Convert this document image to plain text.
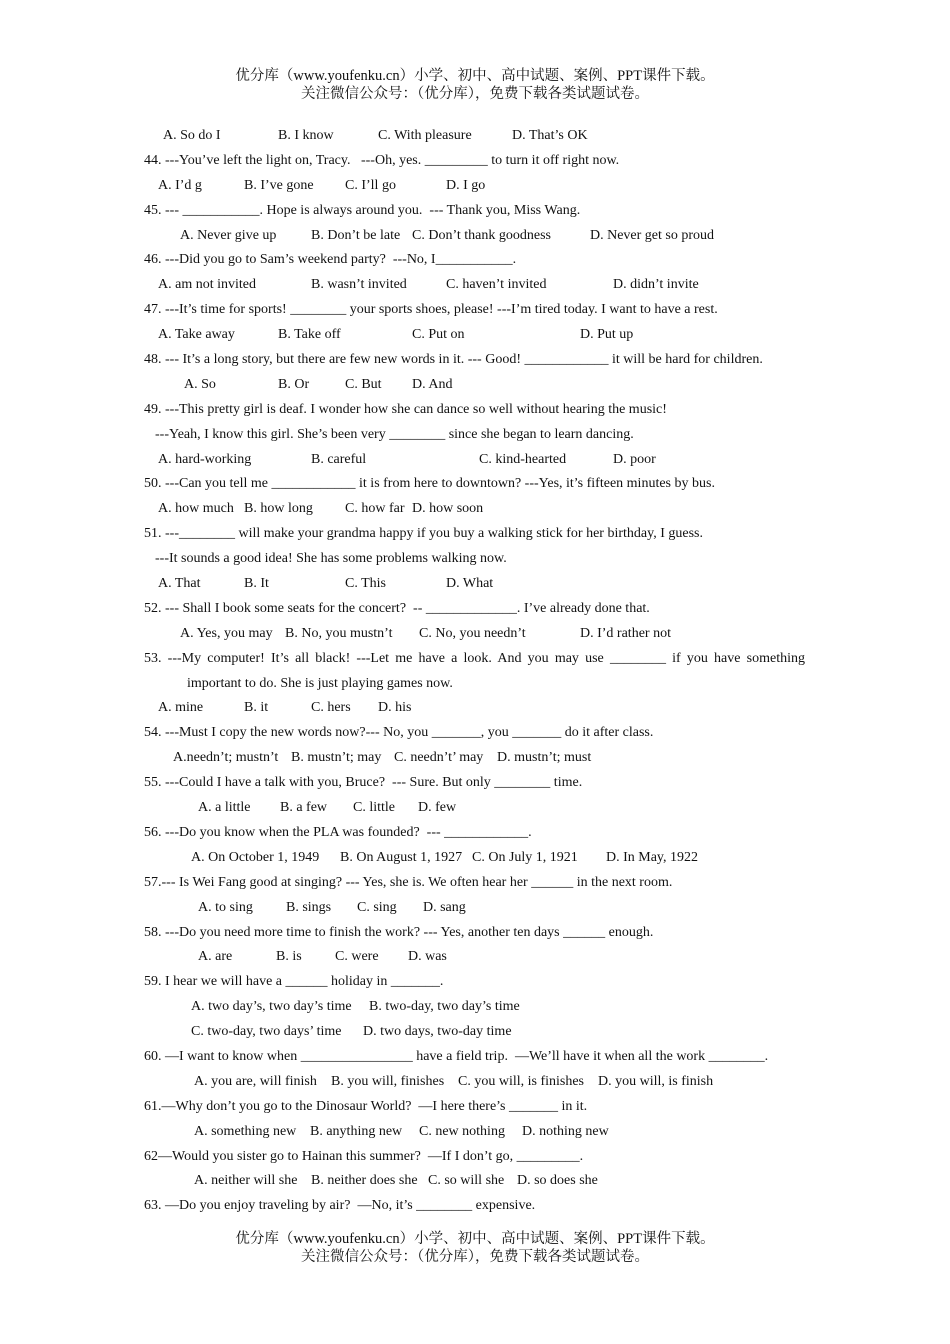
优分库（www.youfenku.cn）小学、初中、高中试题、案例、PPT课件下载。
关注微信公众号：（优分库），免费下载各类试题试卷。
A. So do I	B. I know	C. With pleasure	D. That’s OK
44. ---You’ve left the light on, Tracy.   ---Oh, yes. _________ to turn it off right now.
A. I’d g	B. I’ve gone C. I’ll go	D. I go
45. --- ___________. Hope is always around you.  --- Thank you, Miss Wang.
A. Never give up B. Don’t be late C. Don’t thank goodness	D. Never get so proud
46. ---Did you go to Sam’s weekend party?  ---No, I___________.
A. am not invited	B. wasn’t invited	C. haven’t invited	D. didn’t invite
47. ---It’s time for sports! ________ your sports shoes, please! ---I’m tired today. I want to have a rest.
A. Take away	B. Take off	C. Put on	D. Put up
48. --- It’s a long story, but there are few new words in it. --- Good! ____________ it will be hard for children.
A. So	B. Or	C. But D. And
49. ---This pretty girl is deaf. I wonder how she can dance so well without hearing the music!
---Yeah, I know this girl. She’s been very ________ since she began to learn dancing.
A. hard-working	B. careful	C. kind-hearted	D. poor
50. ---Can you tell me ____________ it is from here to downtown? ---Yes, it’s fifteen minutes by bus.
A. how much B. how long C. how far D. how soon
51. ---________ will make your grandma happy if you buy a walking stick for her birthday, I guess.
---It sounds a good idea! She has some problems walking now.
A. That	B. It	C. This	D. What
52. --- Shall I book some seats for the concert?  -- _____________. I’ve already done that.
A. Yes, you may B. No, you mustn’t C. No, you needn’t	D. I’d rather not
53. ---My computer! It’s all black! ---Let me have a look. And you may use ________ if you have something
important to do. She is just playing games now.
A. mine	B. it	C. hers D. his
54. ---Must I copy the new words now?--- No, you _______, you _______ do it after class.
A.needn’t; mustn’t B. mustn’t; may C. needn’t’ may D. mustn’t; must
55. ---Could I have a talk with you, Bruce?  --- Sure. But only ________ time.
A. a little B. a few C. little D. few
56. ---Do you know when the PLA was founded?  --- ____________.
A. On October 1, 1949 B. On August 1, 1927 C. On July 1, 1921 D. In May, 1922
57.--- Is Wei Fang good at singing? --- Yes, she is. We often hear her ______ in the next room.
A. to sing B. sings C. sing D. sang
58. ---Do you need more time to finish the work? --- Yes, another ten days ______ enough.
A. are	B. is C. were D. was
59. I hear we will have a ______ holiday in _______.
A. two day’s, two day’s time B. two-day, two day’s time
C. two-day, two days’ time D. two days, two-day time
60. —I want to know when ________________ have a field trip.  —We’ll have it when all the work ________.
A. you are, will finish B. you will, finishes C. you will, is finishes D. you will, is finish
61.—Why don’t you go to the Dinosaur World?  —I here there’s _______ in it.
A. something new B. anything new C. new nothing D. nothing new
62—Would you sister go to Hainan this summer?  —If I don’t go, _________.
A. neither will she B. neither does she C. so will she D. so does she
63. —Do you enjoy traveling by air?  —No, it’s ________ expensive.
优分库（www.youfenku.cn）小学、初中、高中试题、案例、PPT课件下载。
关注微信公众号：（优分库），免费下载各类试题试卷。
